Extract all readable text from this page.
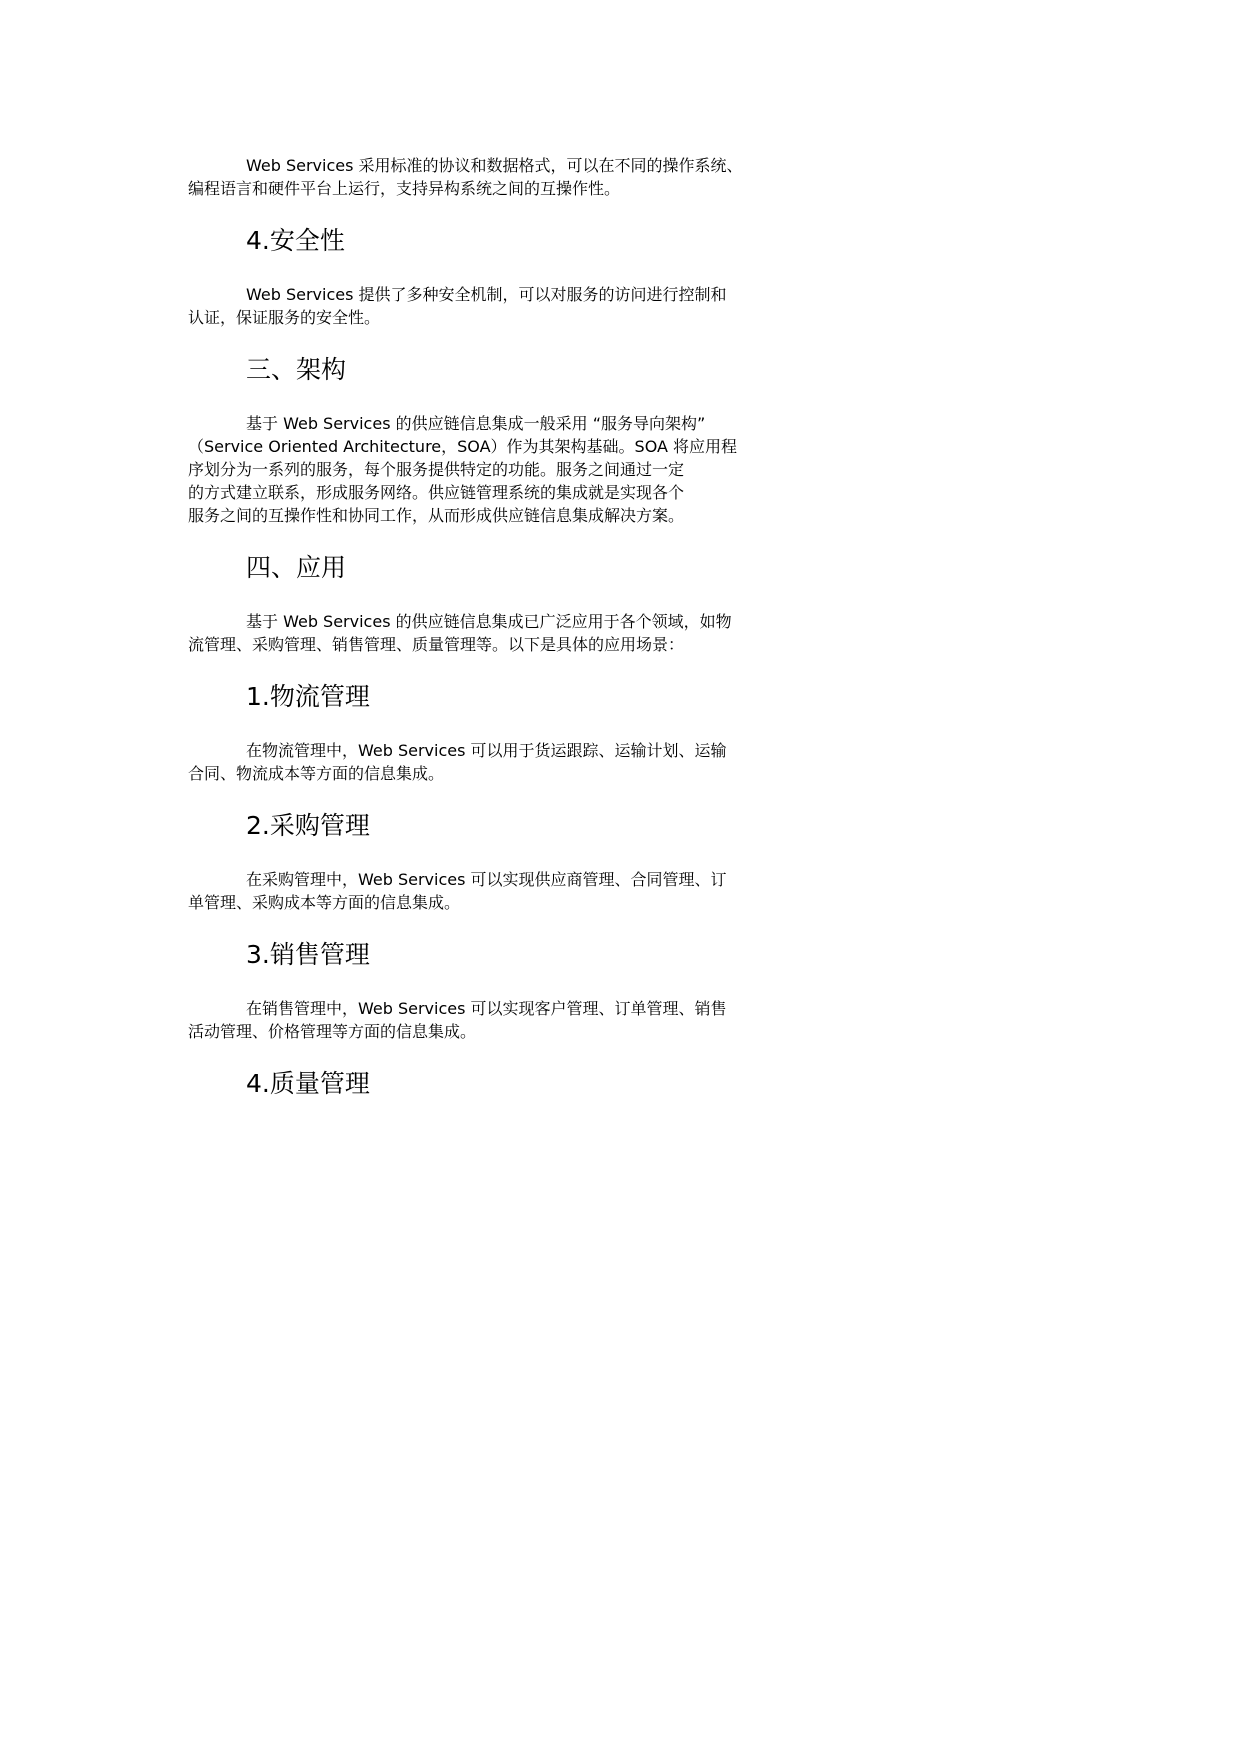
Web Services 采用标准的协议和数据格式，可以在不同的操作系统、
编程语言和硬件平台上运行，支持异构系统之间的互操作性。
4.安全性
Web Services 提供了多种安全机制，可以对服务的访问进行控制和
认证，保证服务的安全性。
三、架构
基于 Web Services 的供应链信息集成一般采用 “服务导向架构”
（Service Oriented Architecture，SOA）作为其架构基础。SOA 将应用程
序划分为一系列的服务，每个服务提供特定的功能。服务之间通过一定
的方式建立联系，形成服务网络。供应链管理系统的集成就是实现各个
服务之间的互操作性和协同工作，从而形成供应链信息集成解决方案。
四、应用
基于 Web Services 的供应链信息集成已广泛应用于各个领域，如物
流管理、采购管理、销售管理、质量管理等。以下是具体的应用场景：
1.物流管理
在物流管理中，Web Services 可以用于货运跟踪、运输计划、运输
合同、物流成本等方面的信息集成。
2.采购管理
在采购管理中，Web Services 可以实现供应商管理、合同管理、订
单管理、采购成本等方面的信息集成。
3.销售管理
在销售管理中，Web Services 可以实现客户管理、订单管理、销售
活动管理、价格管理等方面的信息集成。
4.质量管理
